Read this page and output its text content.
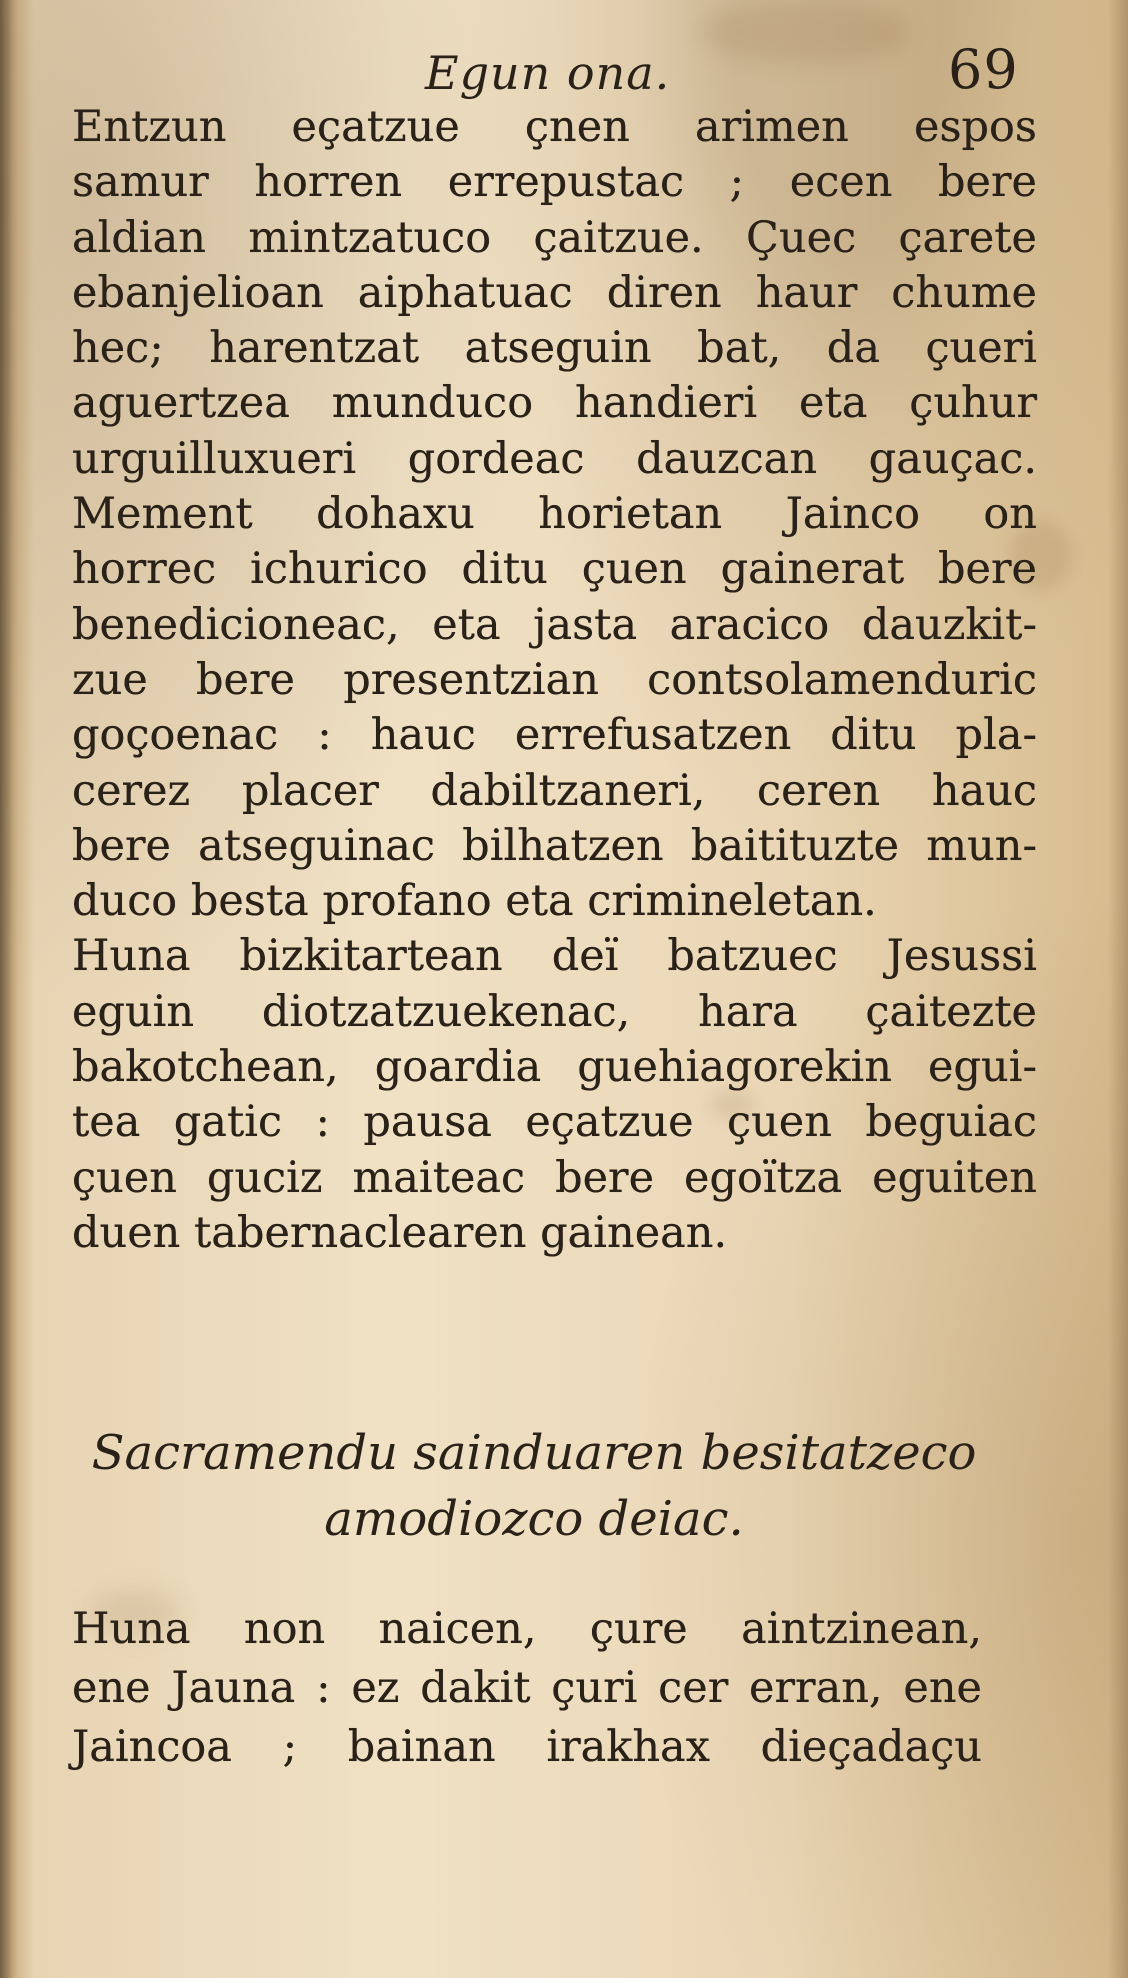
Egun ona.	69
Entzun eçatzue çnen arimen espos
samur horren errepustac ; ecen bere
aldian mintzatuco çaitzue. Çuec çarete
ebanjelioan aiphatuac diren haur chume
hec; harentzat atseguin bat, da çueri
aguertzea munduco handieri eta çuhur
urguilluxueri gordeac dauzcan gauçac.
Mement dohaxu horietan Jainco on
horrec ichurico ditu çuen gainerat bere
benedicioneac, eta jasta aracico dauzkit-
zue bere presentzian contsolamenduric
goçoenac : hauc errefusatzen ditu pla-
cerez placer dabiltzaneri, ceren hauc
bere atseguinac bilhatzen baitituzte mun-
duco besta profano eta crimineletan.
Huna bizkitartean deï batzuec Jesussi
eguin diotzatzuekenac, hara çaitezte
bakotchean, goardia guehiagorekin egui-
tea gatic : pausa eçatzue çuen beguiac
çuen guciz maiteac bere egoïtza eguiten
duen tabernaclearen gainean.
Sacramendu sainduaren besitatzeco
amodiozco deiac.
Huna non naicen, çure aintzinean,
ene Jauna : ez dakit çuri cer erran, ene
Jaincoa ; bainan irakhax dieçadaçu
